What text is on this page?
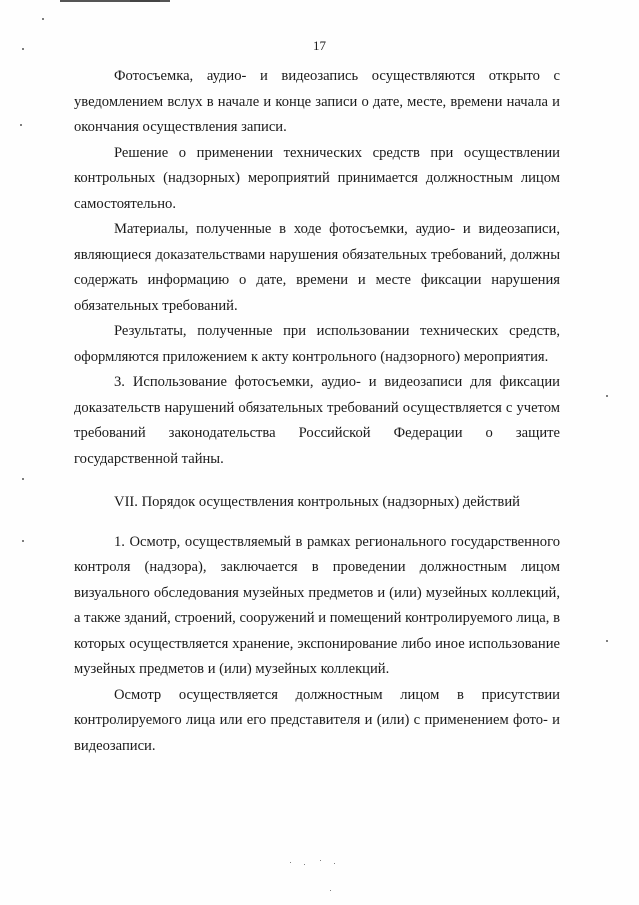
17

Фотосъемка, аудио- и видеозапись осуществляются открыто с уведомлением вслух в начале и конце записи о дате, месте, времени начала и окончания осуществления записи.

Решение о применении технических средств при осуществлении контрольных (надзорных) мероприятий принимается должностным лицом самостоятельно.

Материалы, полученные в ходе фотосъемки, аудио- и видеозаписи, являющиеся доказательствами нарушения обязательных требований, должны содержать информацию о дате, времени и месте фиксации нарушения обязательных требований.

Результаты, полученные при использовании технических средств, оформляются приложением к акту контрольного (надзорного) мероприятия.

3. Использование фотосъемки, аудио- и видеозаписи для фиксации доказательств нарушений обязательных требований осуществляется с учетом требований законодательства Российской Федерации о защите государственной тайны.

VII. Порядок осуществления контрольных (надзорных) действий

1. Осмотр, осуществляемый в рамках регионального государственного контроля (надзора), заключается в проведении должностным лицом визуального обследования музейных предметов и (или) музейных коллекций, а также зданий, строений, сооружений и помещений контролируемого лица, в которых осуществляется хранение, экспонирование либо иное использование музейных предметов и (или) музейных коллекций.

Осмотр осуществляется должностным лицом в присутствии контролируемого лица или его представителя и (или) с применением фото- и видеозаписи.
